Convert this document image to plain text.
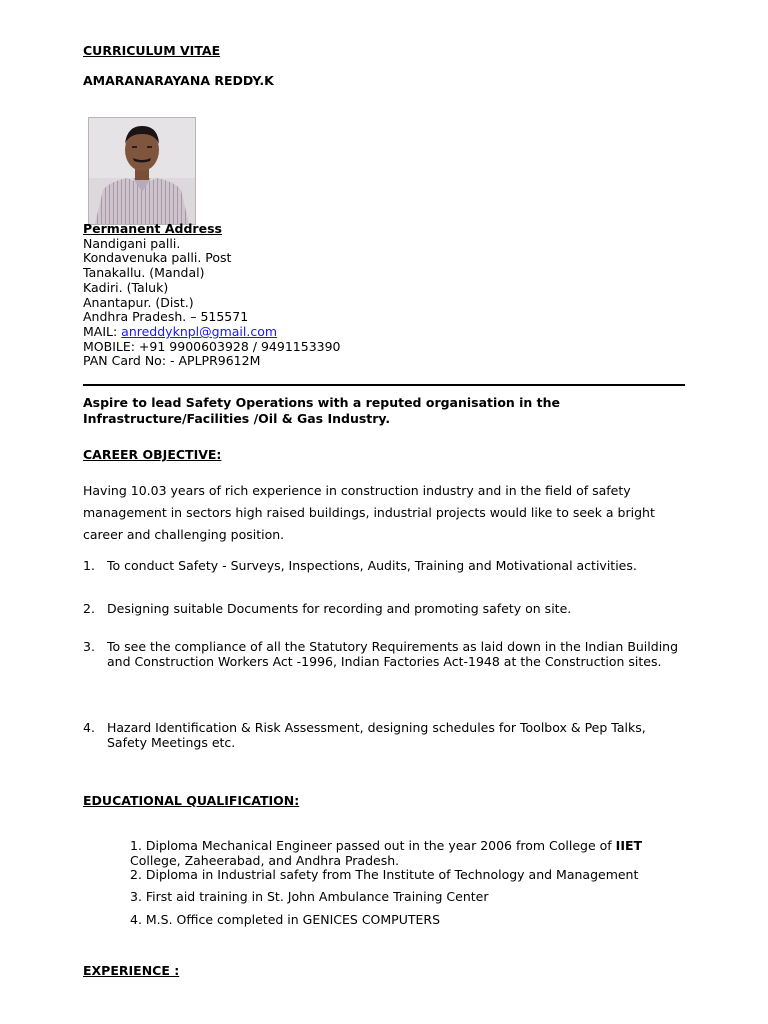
CURRICULUM VITAE
AMARANARAYANA REDDY.K
Permanent Address
Nandigani palli.
Kondavenuka palli. Post
Tanakallu. (Mandal)
Kadiri. (Taluk)
Anantapur. (Dist.)
Andhra Pradesh. – 515571
MAIL: anreddyknpl@gmail.com
MOBILE: +91 9900603928 / 9491153390
PAN Card No: - APLPR9612M
Aspire to lead Safety Operations with a reputed organisation in the
Infrastructure/Facilities /Oil & Gas Industry.
CAREER OBJECTIVE:
Having 10.03 years of rich experience in construction industry and in the field of safety
management in sectors high raised buildings, industrial projects would like to seek a bright
career and challenging position.
1. To conduct Safety - Surveys, Inspections, Audits, Training and Motivational activities.
2. Designing suitable Documents for recording and promoting safety on site.
3. To see the compliance of all the Statutory Requirements as laid down in the Indian Building and Construction Workers Act -1996, Indian Factories Act-1948 at the Construction sites.
4. Hazard Identification & Risk Assessment, designing schedules for Toolbox & Pep Talks, Safety Meetings etc.
EDUCATIONAL QUALIFICATION:
1. Diploma Mechanical Engineer passed out in the year 2006 from College of IIET
College, Zaheerabad, and Andhra Pradesh.
2. Diploma in Industrial safety from The Institute of Technology and Management
3. First aid training in St. John Ambulance Training Center
4. M.S. Office completed in GENICES COMPUTERS
EXPERIENCE :
